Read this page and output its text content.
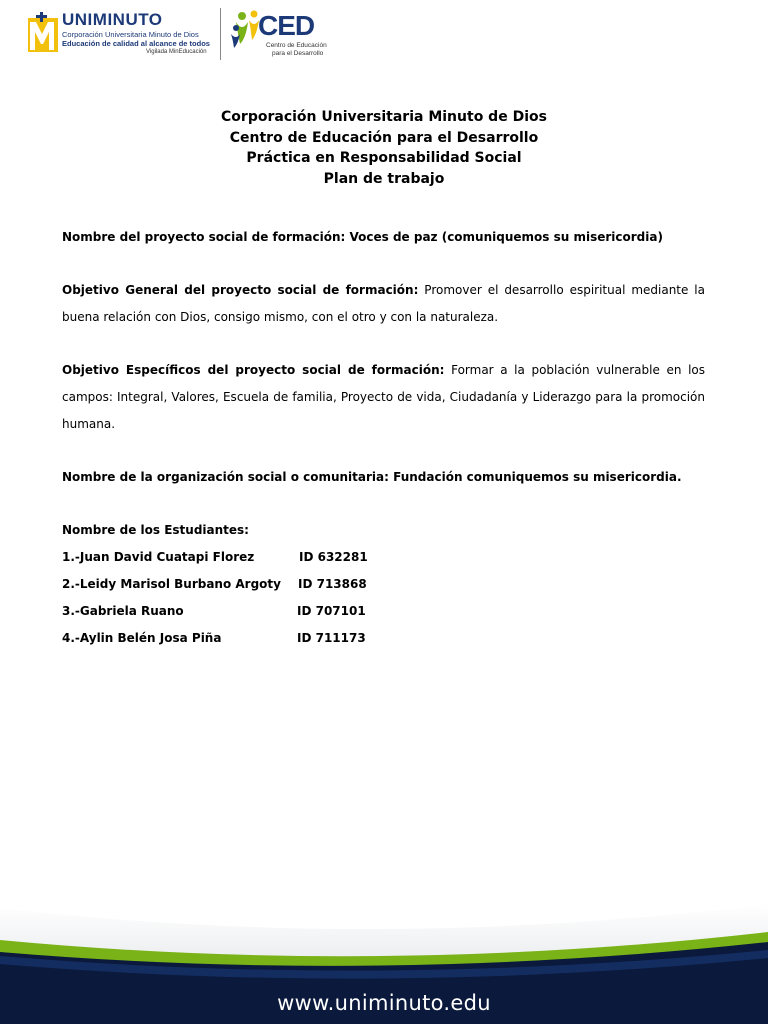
UNIMINUTO
Corporación Universitaria Minuto de Dios
Educación de calidad al alcance de todos
Vigilada MinEducación
CED
Centro de Educación
para el Desarrollo
Corporación Universitaria Minuto de Dios
Centro de Educación para el Desarrollo
Práctica en Responsabilidad Social
Plan de trabajo

Nombre del proyecto social de formación: Voces de paz (comuniquemos su misericordia)

Objetivo General del proyecto social de formación: Promover el desarrollo espiritual mediante la buena relación con Dios, consigo mismo, con el otro y con la naturaleza.

Objetivo Específicos del proyecto social de formación: Formar a la población vulnerable en los campos: Integral, Valores, Escuela de familia, Proyecto de vida, Ciudadanía y Liderazgo para la promoción humana.

Nombre de la organización social o comunitaria: Fundación comuniquemos su misericordia.

Nombre de los Estudiantes:
1.-Juan David Cuatapi Florez	ID 632281
2.-Leidy Marisol Burbano Argoty ID 713868
3.-Gabriela Ruano	ID 707101
4.-Aylin Belén Josa Piña	ID 711173
www.uniminuto.edu
